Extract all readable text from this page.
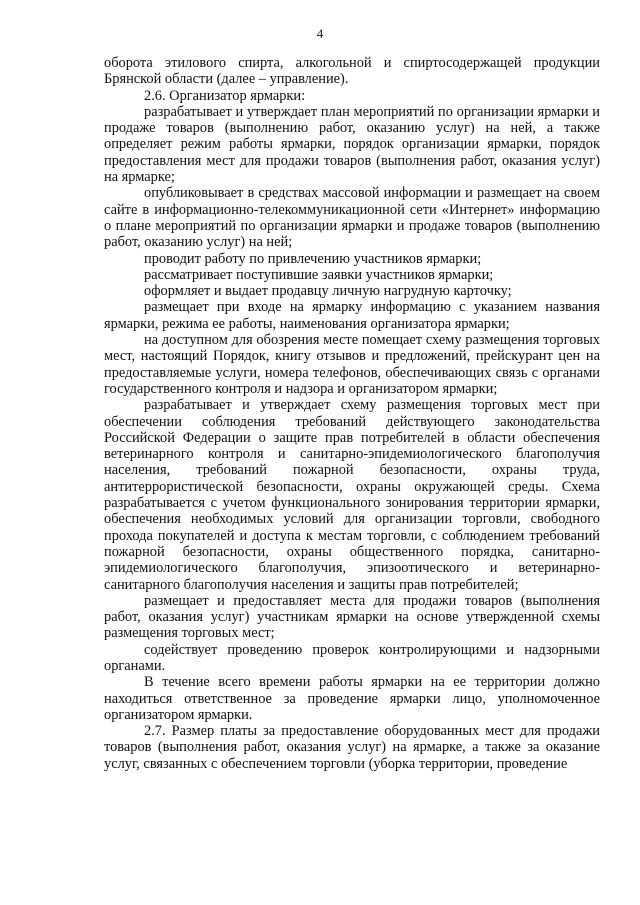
4

оборота этилового спирта, алкогольной и спиртосодержащей продукции Брянской области (далее – управление).

2.6. Организатор ярмарки:

разрабатывает и утверждает план мероприятий по организации ярмарки и продаже товаров (выполнению работ, оказанию услуг) на ней, а также определяет режим работы ярмарки, порядок организации ярмарки, порядок предоставления мест для продажи товаров (выполнения работ, оказания услуг) на ярмарке;

опубликовывает в средствах массовой информации и размещает на своем сайте в информационно-телекоммуникационной сети «Интернет» информацию о плане мероприятий по организации ярмарки и продаже товаров (выполнению работ, оказанию услуг) на ней;

проводит работу по привлечению участников ярмарки;

рассматривает поступившие заявки участников ярмарки;

оформляет и выдает продавцу личную нагрудную карточку;

размещает при входе на ярмарку информацию с указанием названия ярмарки, режима ее работы, наименования организатора ярмарки;

на доступном для обозрения месте помещает схему размещения торговых мест, настоящий Порядок, книгу отзывов и предложений, прейскурант цен на предоставляемые услуги, номера телефонов, обеспечивающих связь с органами государственного контроля и надзора и организатором ярмарки;

разрабатывает и утверждает схему размещения торговых мест при обеспечении соблюдения требований действующего законодательства Российской Федерации о защите прав потребителей в области обеспечения ветеринарного контроля и санитарно-эпидемиологического благополучия населения, требований пожарной безопасности, охраны труда, антитеррористической безопасности, охраны окружающей среды. Схема разрабатывается с учетом функционального зонирования территории ярмарки, обеспечения необходимых условий для организации торговли, свободного прохода покупателей и доступа к местам торговли, с соблюдением требований пожарной безопасности, охраны общественного порядка, санитарно-эпидемиологического благополучия, эпизоотического и ветеринарно-санитарного благополучия населения и защиты прав потребителей;

размещает и предоставляет места для продажи товаров (выполнения работ, оказания услуг) участникам ярмарки на основе утвержденной схемы размещения торговых мест;

содействует проведению проверок контролирующими и надзорными органами.

В течение всего времени работы ярмарки на ее территории должно находиться ответственное за проведение ярмарки лицо, уполномоченное организатором ярмарки.

2.7. Размер платы за предоставление оборудованных мест для продажи товаров (выполнения работ, оказания услуг) на ярмарке, а также за оказание услуг, связанных с обеспечением торговли (уборка территории, проведение
